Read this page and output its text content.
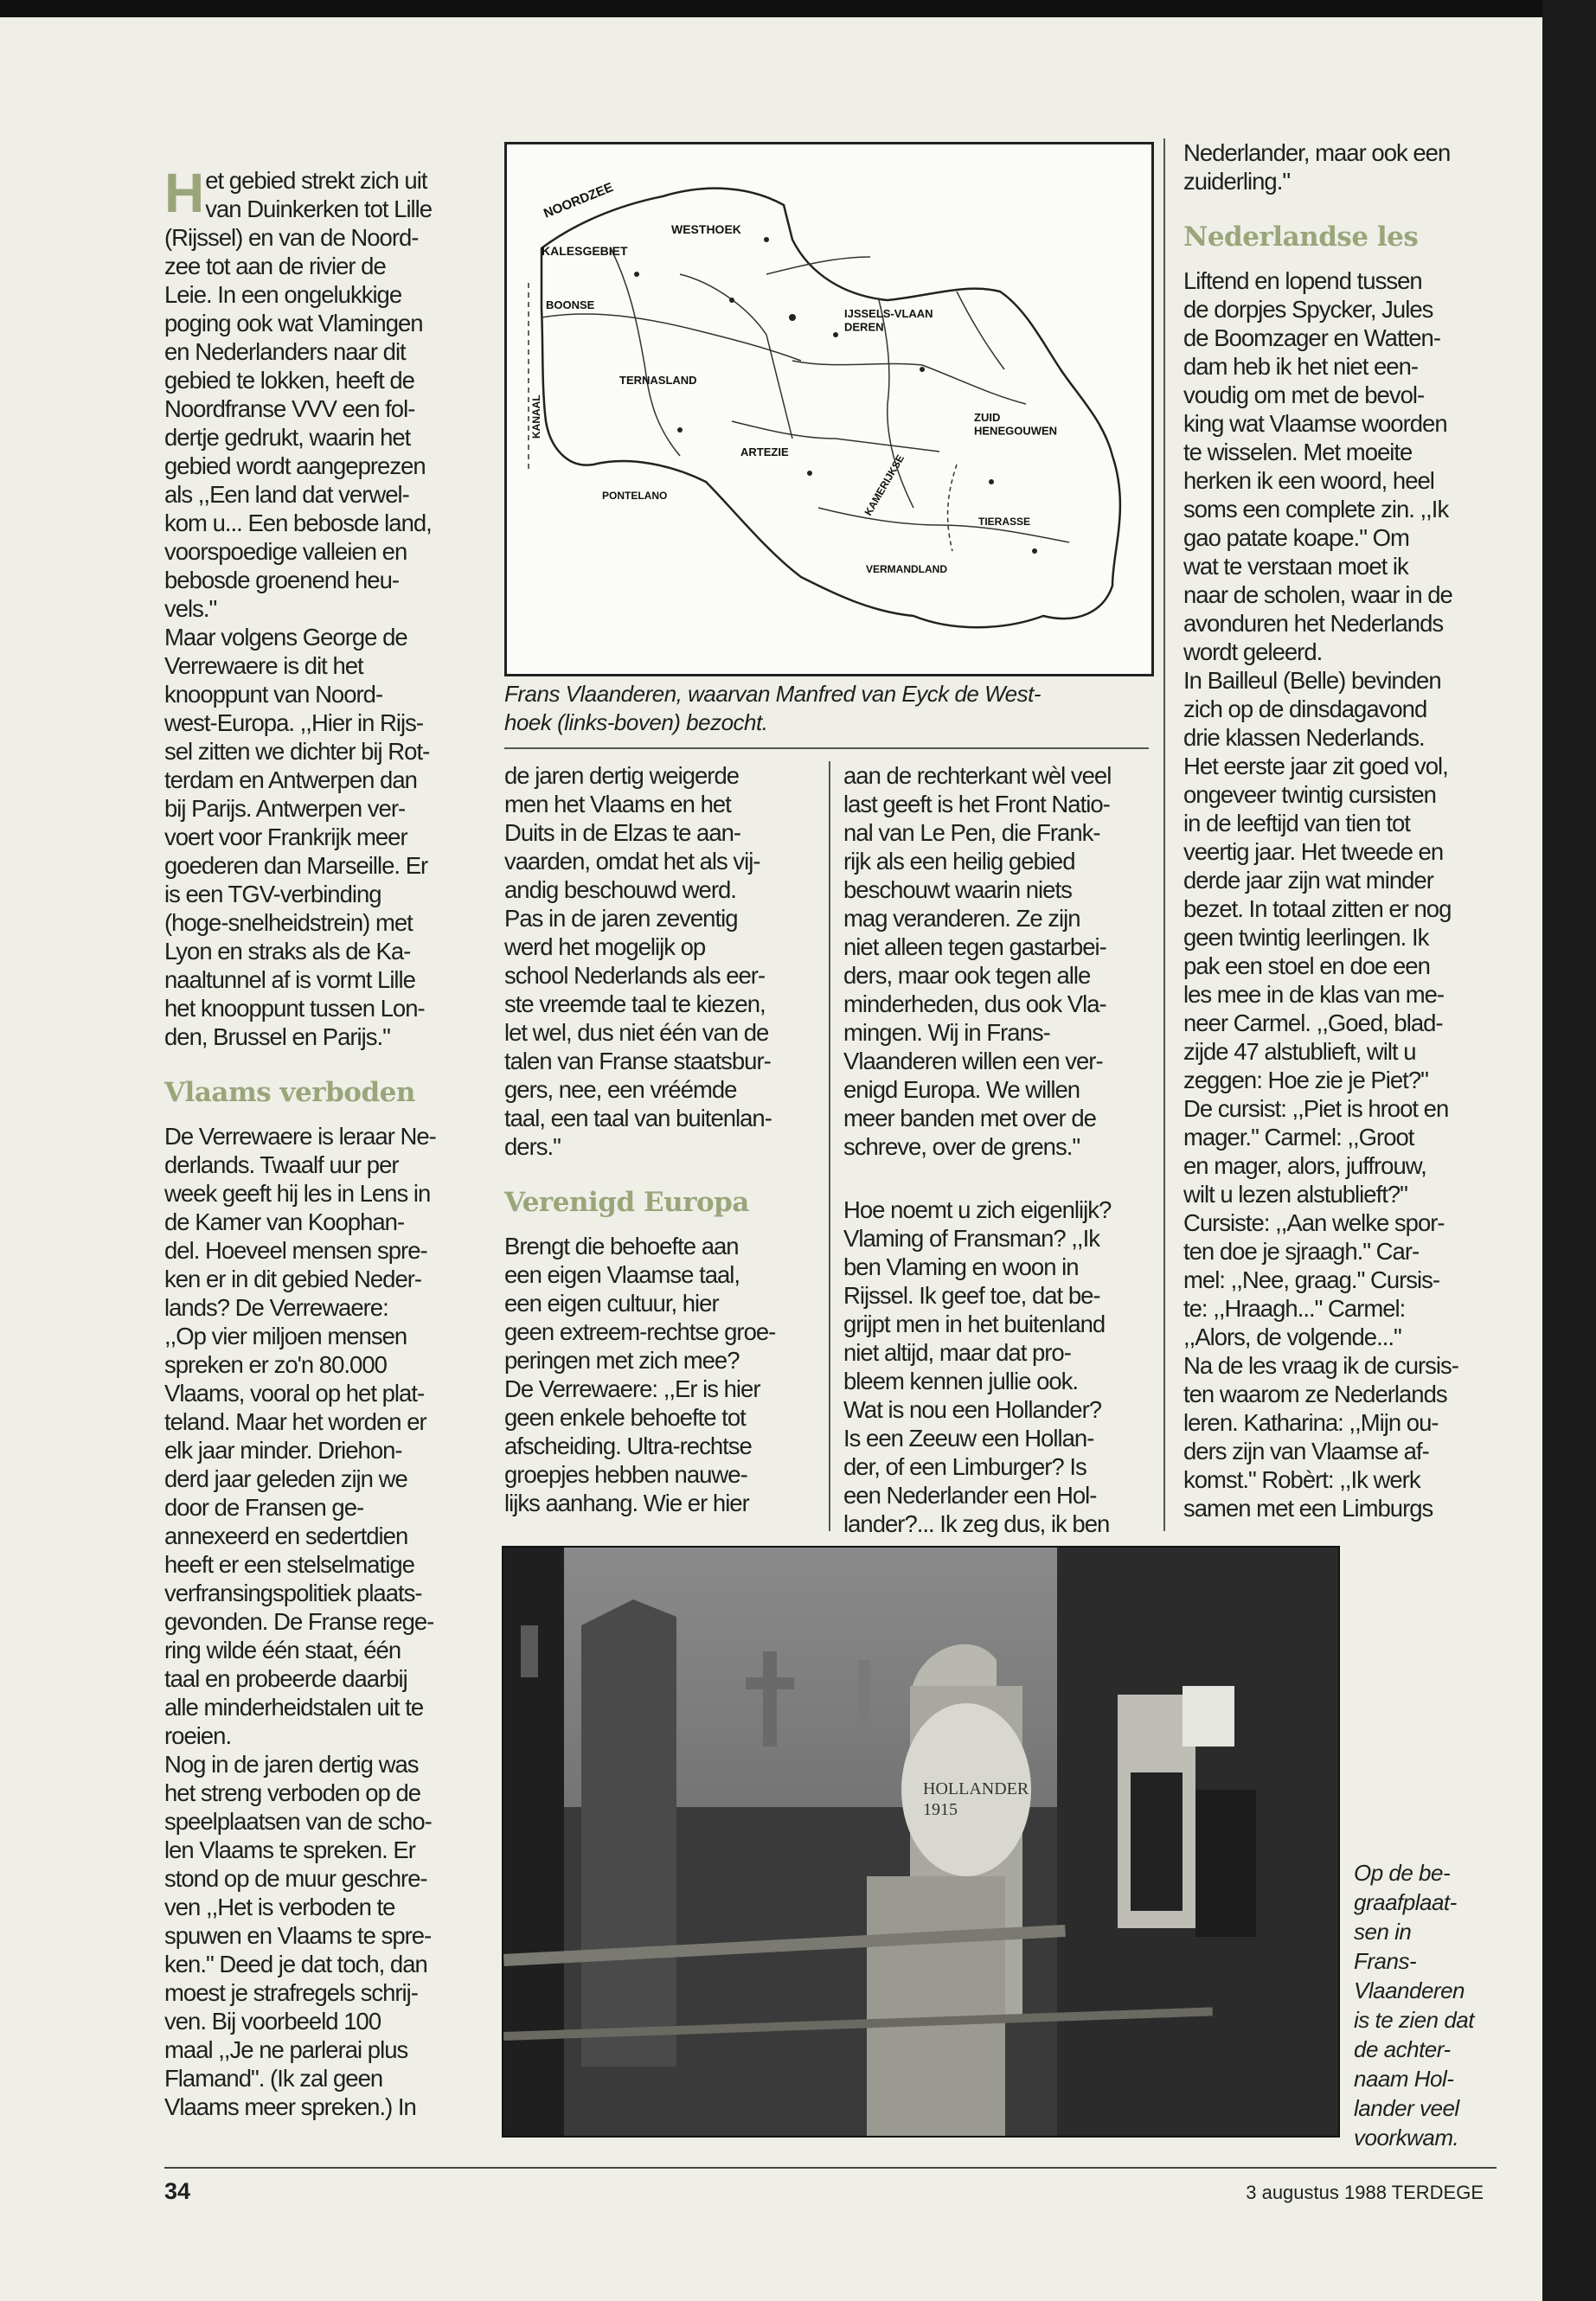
H et gebied strekt zich uit
van Duinkerken tot Lille
(Rijssel) en van de Noord-
zee tot aan de rivier de
Leie. In een ongelukkige
poging ook wat Vlamingen
en Nederlanders naar dit
gebied te lokken, heeft de
Noordfranse VVV een fol-
dertje gedrukt, waarin het
gebied wordt aangeprezen
als ,,Een land dat verwel-
kom u... Een bebosde land,
voorspoedige valleien en
bebosde groenend heu-
vels."

Maar volgens George de
Verrewaere is dit het
knooppunt van Noord-
west-Europa. ,,Hier in Rijs-
sel zitten we dichter bij Rot-
terdam en Antwerpen dan
bij Parijs. Antwerpen ver-
voert voor Frankrijk meer
goederen dan Marseille. Er
is een TGV-verbinding
(hoge-snelheidstrein) met
Lyon en straks als de Ka-
naaltunnel af is vormt Lille
het knooppunt tussen Lon-
den, Brussel en Parijs."

Vlaams verboden

De Verrewaere is leraar Ne-
derlands. Twaalf uur per
week geeft hij les in Lens in
de Kamer van Koophan-
del. Hoeveel mensen spre-
ken er in dit gebied Neder-
lands? De Verrewaere:
,,Op vier miljoen mensen
spreken er zo'n 80.000
Vlaams, vooral op het plat-
teland. Maar het worden er
elk jaar minder. Driehon-
derd jaar geleden zijn we
door de Fransen ge-
annexeerd en sedertdien
heeft er een stelselmatige
verfransingspolitiek plaats-
gevonden. De Franse rege-
ring wilde één staat, één
taal en probeerde daarbij
alle minderheidstalen uit te
roeien.

Nog in de jaren dertig was
het streng verboden op de
speelplaatsen van de scho-
len Vlaams te spreken. Er
stond op de muur geschre-
ven ,,Het is verboden te
spuwen en Vlaams te spre-
ken." Deed je dat toch, dan
moest je strafregels schrij-
ven. Bij voorbeeld 100
maal ,,Je ne parlerai plus
Flamand". (Ik zal geen
Vlaams meer spreken.) In

NOORDZEE
WESTHOEK
KALESGEBIET
BOONSE
TERNASLAND
IJSSELS-VLAAN DEREN
ZUID HENEGOUWEN
ARTEZIE
PONTELANO
TIERASSE
VERMANDLAND
KAMERIJKSE
KANAAL
Frans Vlaanderen, waarvan Manfred van Eyck de West-
hoek (links-boven) bezocht.

de jaren dertig weigerde
men het Vlaams en het
Duits in de Elzas te aan-
vaarden, omdat het als vij-
andig beschouwd werd.
Pas in de jaren zeventig
werd het mogelijk op
school Nederlands als eer-
ste vreemde taal te kiezen,
let wel, dus niet één van de
talen van Franse staatsbur-
gers, nee, een vréémde
taal, een taal van buitenlan-
ders."

Verenigd Europa

Brengt die behoefte aan
een eigen Vlaamse taal,
een eigen cultuur, hier
geen extreem-rechtse groe-
peringen met zich mee?
De Verrewaere: ,,Er is hier
geen enkele behoefte tot
afscheiding. Ultra-rechtse
groepjes hebben nauwe-
lijks aanhang. Wie er hier

aan de rechterkant wèl veel
last geeft is het Front Natio-
nal van Le Pen, die Frank-
rijk als een heilig gebied
beschouwt waarin niets
mag veranderen. Ze zijn
niet alleen tegen gastarbei-
ders, maar ook tegen alle
minderheden, dus ook Vla-
mingen. Wij in Frans-
Vlaanderen willen een ver-
enigd Europa. We willen
meer banden met over de
schreve, over de grens."

Hoe noemt u zich eigenlijk?
Vlaming of Fransman? ,,Ik
ben Vlaming en woon in
Rijssel. Ik geef toe, dat be-
grijpt men in het buitenland
niet altijd, maar dat pro-
bleem kennen jullie ook.
Wat is nou een Hollander?
Is een Zeeuw een Hollan-
der, of een Limburger? Is
een Nederlander een Hol-
lander?... Ik zeg dus, ik ben

Nederlander, maar ook een
zuiderling."

Nederlandse les

Liftend en lopend tussen
de dorpjes Spycker, Jules
de Boomzager en Watten-
dam heb ik het niet een-
voudig om met de bevol-
king wat Vlaamse woorden
te wisselen. Met moeite
herken ik een woord, heel
soms een complete zin. ,,Ik
gao patate koape." Om
wat te verstaan moet ik
naar de scholen, waar in de
avonduren het Nederlands
wordt geleerd.

In Bailleul (Belle) bevinden
zich op de dinsdagavond
drie klassen Nederlands.
Het eerste jaar zit goed vol,
ongeveer twintig cursisten
in de leeftijd van tien tot
veertig jaar. Het tweede en
derde jaar zijn wat minder
bezet. In totaal zitten er nog
geen twintig leerlingen. Ik
pak een stoel en doe een
les mee in de klas van me-
neer Carmel. ,,Goed, blad-
zijde 47 alstublieft, wilt u
zeggen: Hoe zie je Piet?"
De cursist: ,,Piet is hroot en
mager." Carmel: ,,Groot
en mager, alors, juffrouw,
wilt u lezen alstublieft?"
Cursiste: ,,Aan welke spor-
ten doe je sjraagh." Car-
mel: ,,Nee, graag." Cursis-
te: ,,Hraagh..." Carmel:
,,Alors, de volgende..."
Na de les vraag ik de cursis-
ten waarom ze Nederlands
leren. Katharina: ,,Mijn ou-
ders zijn van Vlaamse af-
komst." Robèrt: ,,Ik werk
samen met een Limburgs

HOLLANDER 1915
Op de be-
graafplaat-
sen in
Frans-
Vlaanderen
is te zien dat
de achter-
naam Hol-
lander veel
voorkwam.
34	3 augustus 1988 TERDEGE
